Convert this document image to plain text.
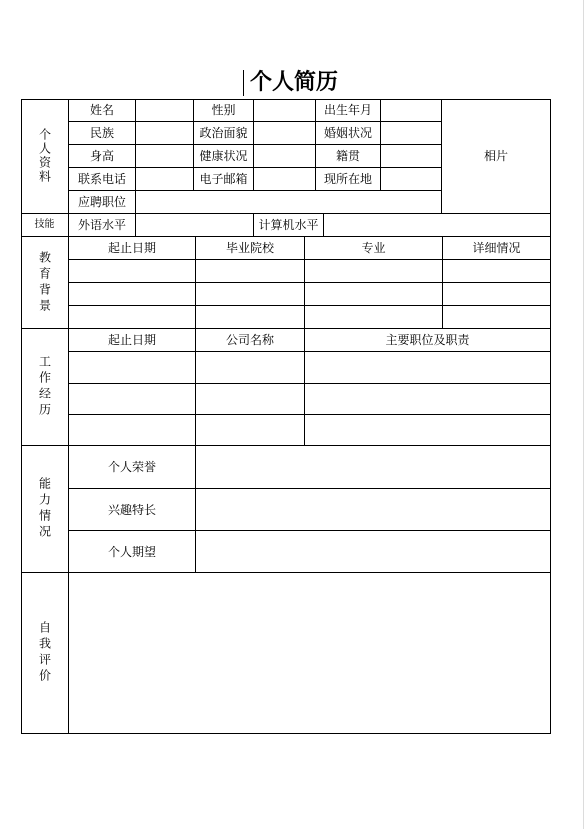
个人简历
个人资料
姓名	性别	出生年月
民族	政治面貌	婚姻状况
身高	健康状况	籍贯
联系电话	电子邮箱	现所在地
应聘职位
相片
技能	外语水平	计算机水平
教育背景
起止日期	毕业院校	专业	详细情况
工作经历
起止日期	公司名称	主要职位及职责
能力情况
个人荣誉
兴趣特长
个人期望
自我评价
